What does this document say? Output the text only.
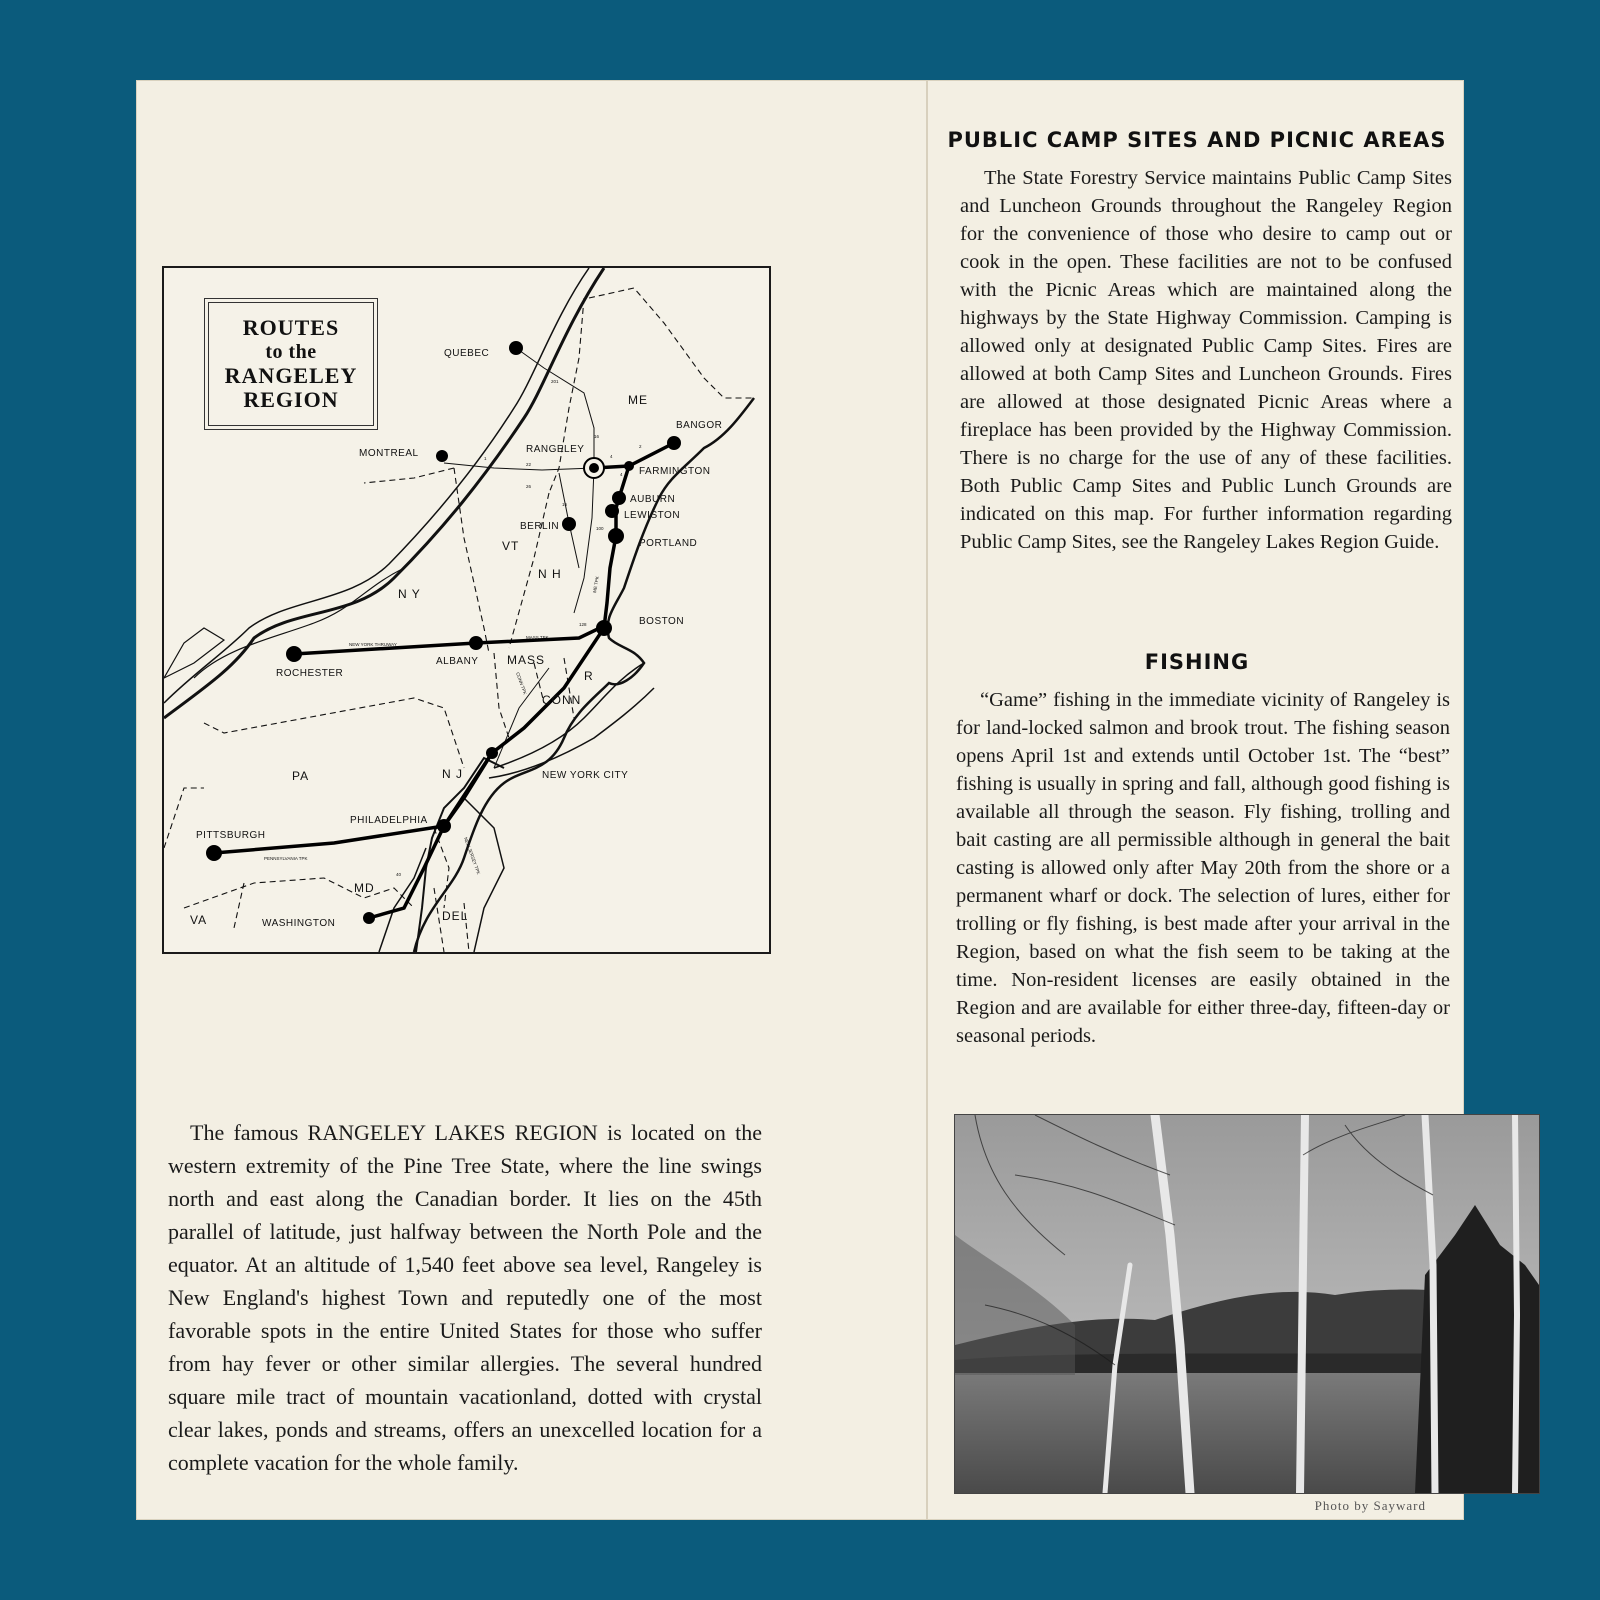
QUEBEC
MONTREAL	RANGELEY
BANGOR
FARMINGTON
AUBURN
LEWISTON
PORTLAND
BERLIN
BOSTON
ROCHESTER
ALBANY
NEW YORK CITY
PHILADELPHIA
PITTSBURGH
WASHINGTON
ME
VT
N H
N Y
MASS
R
CONN
N J
PA
MD
VA	DEL
NEW YORK THRUWAY
MASS TPK
PENNSYLVANIA TPK	NEW JERSEY TPK
ME TPK
CONN TPK
201
2
16
4
22
26
16
100
1
40
128
4
4
ROUTES
to the
RANGELEY
REGION

The famous RANGELEY LAKES REGION is located on the western extremity of the Pine Tree State, where the line swings north and east along the Canadian border. It lies on the 45th parallel of latitude, just halfway between the North Pole and the equator. At an altitude of 1,540 feet above sea level, Rangeley is New England's highest Town and reputedly one of the most favorable spots in the entire United States for those who suffer from hay fever or other similar allergies. The several hundred square mile tract of mountain vacationland, dotted with crystal clear lakes, ponds and streams, offers an unexcelled location for a complete vacation for the whole family.

PUBLIC CAMP SITES AND PICNIC AREAS

The State Forestry Service maintains Public Camp Sites and Luncheon Grounds throughout the Rangeley Region for the convenience of those who desire to camp out or cook in the open. These facilities are not to be confused with the Picnic Areas which are maintained along the highways by the State Highway Commission. Camping is allowed only at designated Public Camp Sites. Fires are allowed at both Camp Sites and Luncheon Grounds. Fires are allowed at those designated Picnic Areas where a fireplace has been provided by the Highway Commission. There is no charge for the use of any of these facilities. Both Public Camp Sites and Public Lunch Grounds are indicated on this map. For further information regarding Public Camp Sites, see the Rangeley Lakes Region Guide.

FISHING

“Game” fishing in the immediate vicinity of Rangeley is for land-locked salmon and brook trout. The fishing season opens April 1st and extends until October 1st. The “best” fishing is usually in spring and fall, although good fishing is available all through the season. Fly fishing, trolling and bait casting are all permissible although in general the bait casting is allowed only after May 20th from the shore or a permanent wharf or dock. The selection of lures, either for trolling or fly fishing, is best made after your arrival in the Region, based on what the fish seem to be taking at the time. Non-resident licenses are easily obtained in the Region and are available for either three-day, fifteen-day or seasonal periods.

Photo by Sayward
